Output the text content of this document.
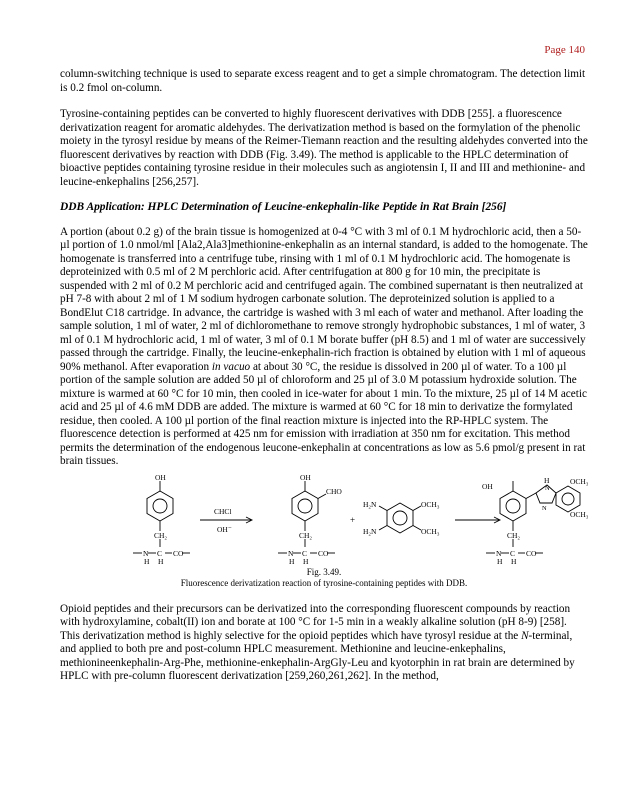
Page 140

column-switching technique is used to separate excess reagent and to get a simple chromatogram. The detection limit is 0.2 fmol on-column.

Tyrosine-containing peptides can be converted to highly fluorescent derivatives with DDB [255]. a fluorescence derivatization reagent for aromatic aldehydes. The derivatization method is based on the formylation of the phenolic moiety in the tyrosyl residue by means of the Reimer-Tiemann reaction and the resulting aldehydes converted into the fluorescent derivatives by reaction with DDB (Fig. 3.49). The method is applicable to the HPLC determination of bioactive peptides containing tyrosine residue in their molecules such as angiotensin I, II and III and methionine- and leucine-enkephalins [256,257].

DDB Application: HPLC Determination of Leucine-enkephalin-like Peptide in Rat Brain [256]

A portion (about 0.2 g) of the brain tissue is homogenized at 0-4 °C with 3 ml of 0.1 M hydrochloric acid, then a 50-µl portion of 1.0 nmol/ml [Ala2,Ala3]methionine-enkephalin as an internal standard, is added to the homogenate. The homogenate is transferred into a centrifuge tube, rinsing with 1 ml of 0.1 M hydrochloric acid. The homogenate is deproteinized with 0.5 ml of 2 M perchloric acid. After centrifugation at 800 g for 10 min, the precipitate is suspended with 2 ml of 0.2 M perchloric acid and centrifuged again. The combined supernatant is then neutralized at pH 7-8 with about 2 ml of 1 M sodium hydrogen carbonate solution. The deproteinized solution is applied to a BondElut C18 cartridge. In advance, the cartridge is washed with 3 ml each of water and methanol. After loading the sample solution, 1 ml of water, 2 ml of dichloromethane to remove strongly hydrophobic substances, 1 ml of water, 3 ml of 0.1 M hydrochloric acid, 1 ml of water, 3 ml of 0.1 M borate buffer (pH 8.5) and 1 ml of water are successively passed through the cartridge. Finally, the leucine-enkephalin-rich fraction is obtained by elution with 1 ml of aqueous 90% methanol. After evaporation in vacuo at about 30 °C, the residue is dissolved in 200 µl of water. To a 100 µl portion of the sample solution are added 50 µl of chloroform and 25 µl of 3.0 M potassium hydroxide solution. The mixture is warmed at 60 °C for 10 min, then cooled in ice-water for about 1 min. To the mixture, 25 µl of 14 M acetic acid and 25 µl of 4.6 mM DDB are added. The mixture is warmed at 60 °C for 18 min to derivatize the formylated residue, then cooled. A 100 µl portion of the final reaction mixture is injected into the RP-HPLC system. The fluorescence detection is performed at 425 nm for emission with irradiation at 350 nm for excitation. This method permits the determination of the endogenous leucone-enkephalin at concentrations as low as 5.6 pmol/g present in rat brain tissues.

OH
CH₂
N
H
C
H
CO
CHCl
OH⁻
OH
CHO
CH₂
N
H
C
H
CO
+
H₂N
H₂N
OCH₃
OCH₃
OH
H
N
N
OCH₃
OCH₃
CH₂
N
H
C
H
CO
Fig. 3.49.
Fluorescence derivatization reaction of tyrosine-containing peptides with DDB.

Opioid peptides and their precursors can be derivatized into the corresponding fluorescent compounds by reaction with hydroxylamine, cobalt(II) ion and borate at 100 °C for 1-5 min in a weakly alkaline solution (pH 8-9) [258]. This derivatization method is highly selective for the opioid peptides which have tyrosyl residue at the N-terminal, and applied to both pre and post-column HPLC measurement. Methionine and leucine-enkephalins, methionineenkephalin-Arg-Phe, methionine-enkephalin-ArgGly-Leu and kyotorphin in rat brain are determined by HPLC with pre-column fluorescent derivatization [259,260,261,262]. In the method,
